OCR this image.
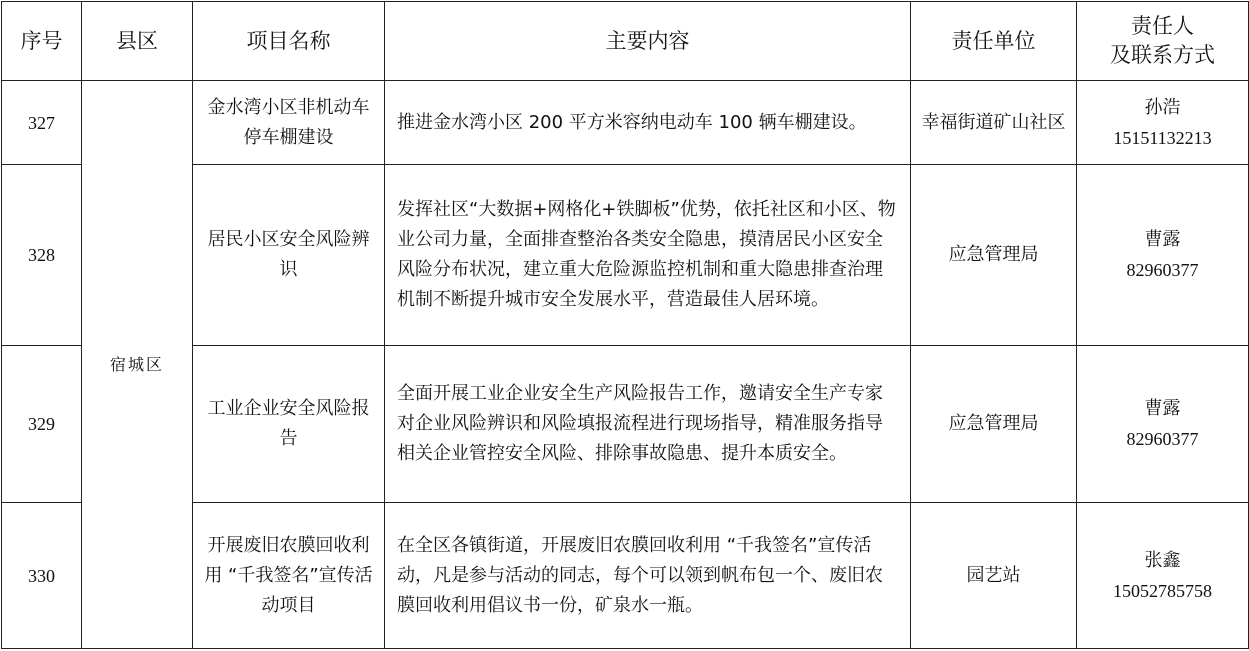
序号	县区	项目名称	主要内容	责任单位	责任人
及联系方式

327	宿城区	金水湾小区非机动车停车棚建设	推进金水湾小区 200 平方米容纳电动车 100 辆车棚建设。	幸福街道矿山社区	孙浩
15151132213

328		居民小区安全风险辨识	发挥社区“大数据+网格化+铁脚板”优势，依托社区和小区、物业公司力量，全面排查整治各类安全隐患，摸清居民小区安全风险分布状况，建立重大危险源监控机制和重大隐患排查治理机制不断提升城市安全发展水平，营造最佳人居环境。	应急管理局	曹露
82960377

329		工业企业安全风险报告	全面开展工业企业安全生产风险报告工作，邀请安全生产专家对企业风险辨识和风险填报流程进行现场指导，精准服务指导相关企业管控安全风险、排除事故隐患、提升本质安全。	应急管理局	曹露
82960377

330		开展废旧农膜回收利用 “千我签名”宣传活动项目	在全区各镇街道，开展废旧农膜回收利用 “千我签名”宣传活动，凡是参与活动的同志，每个可以领到帆布包一个、废旧农膜回收利用倡议书一份，矿泉水一瓶。	园艺站	张鑫
15052785758
